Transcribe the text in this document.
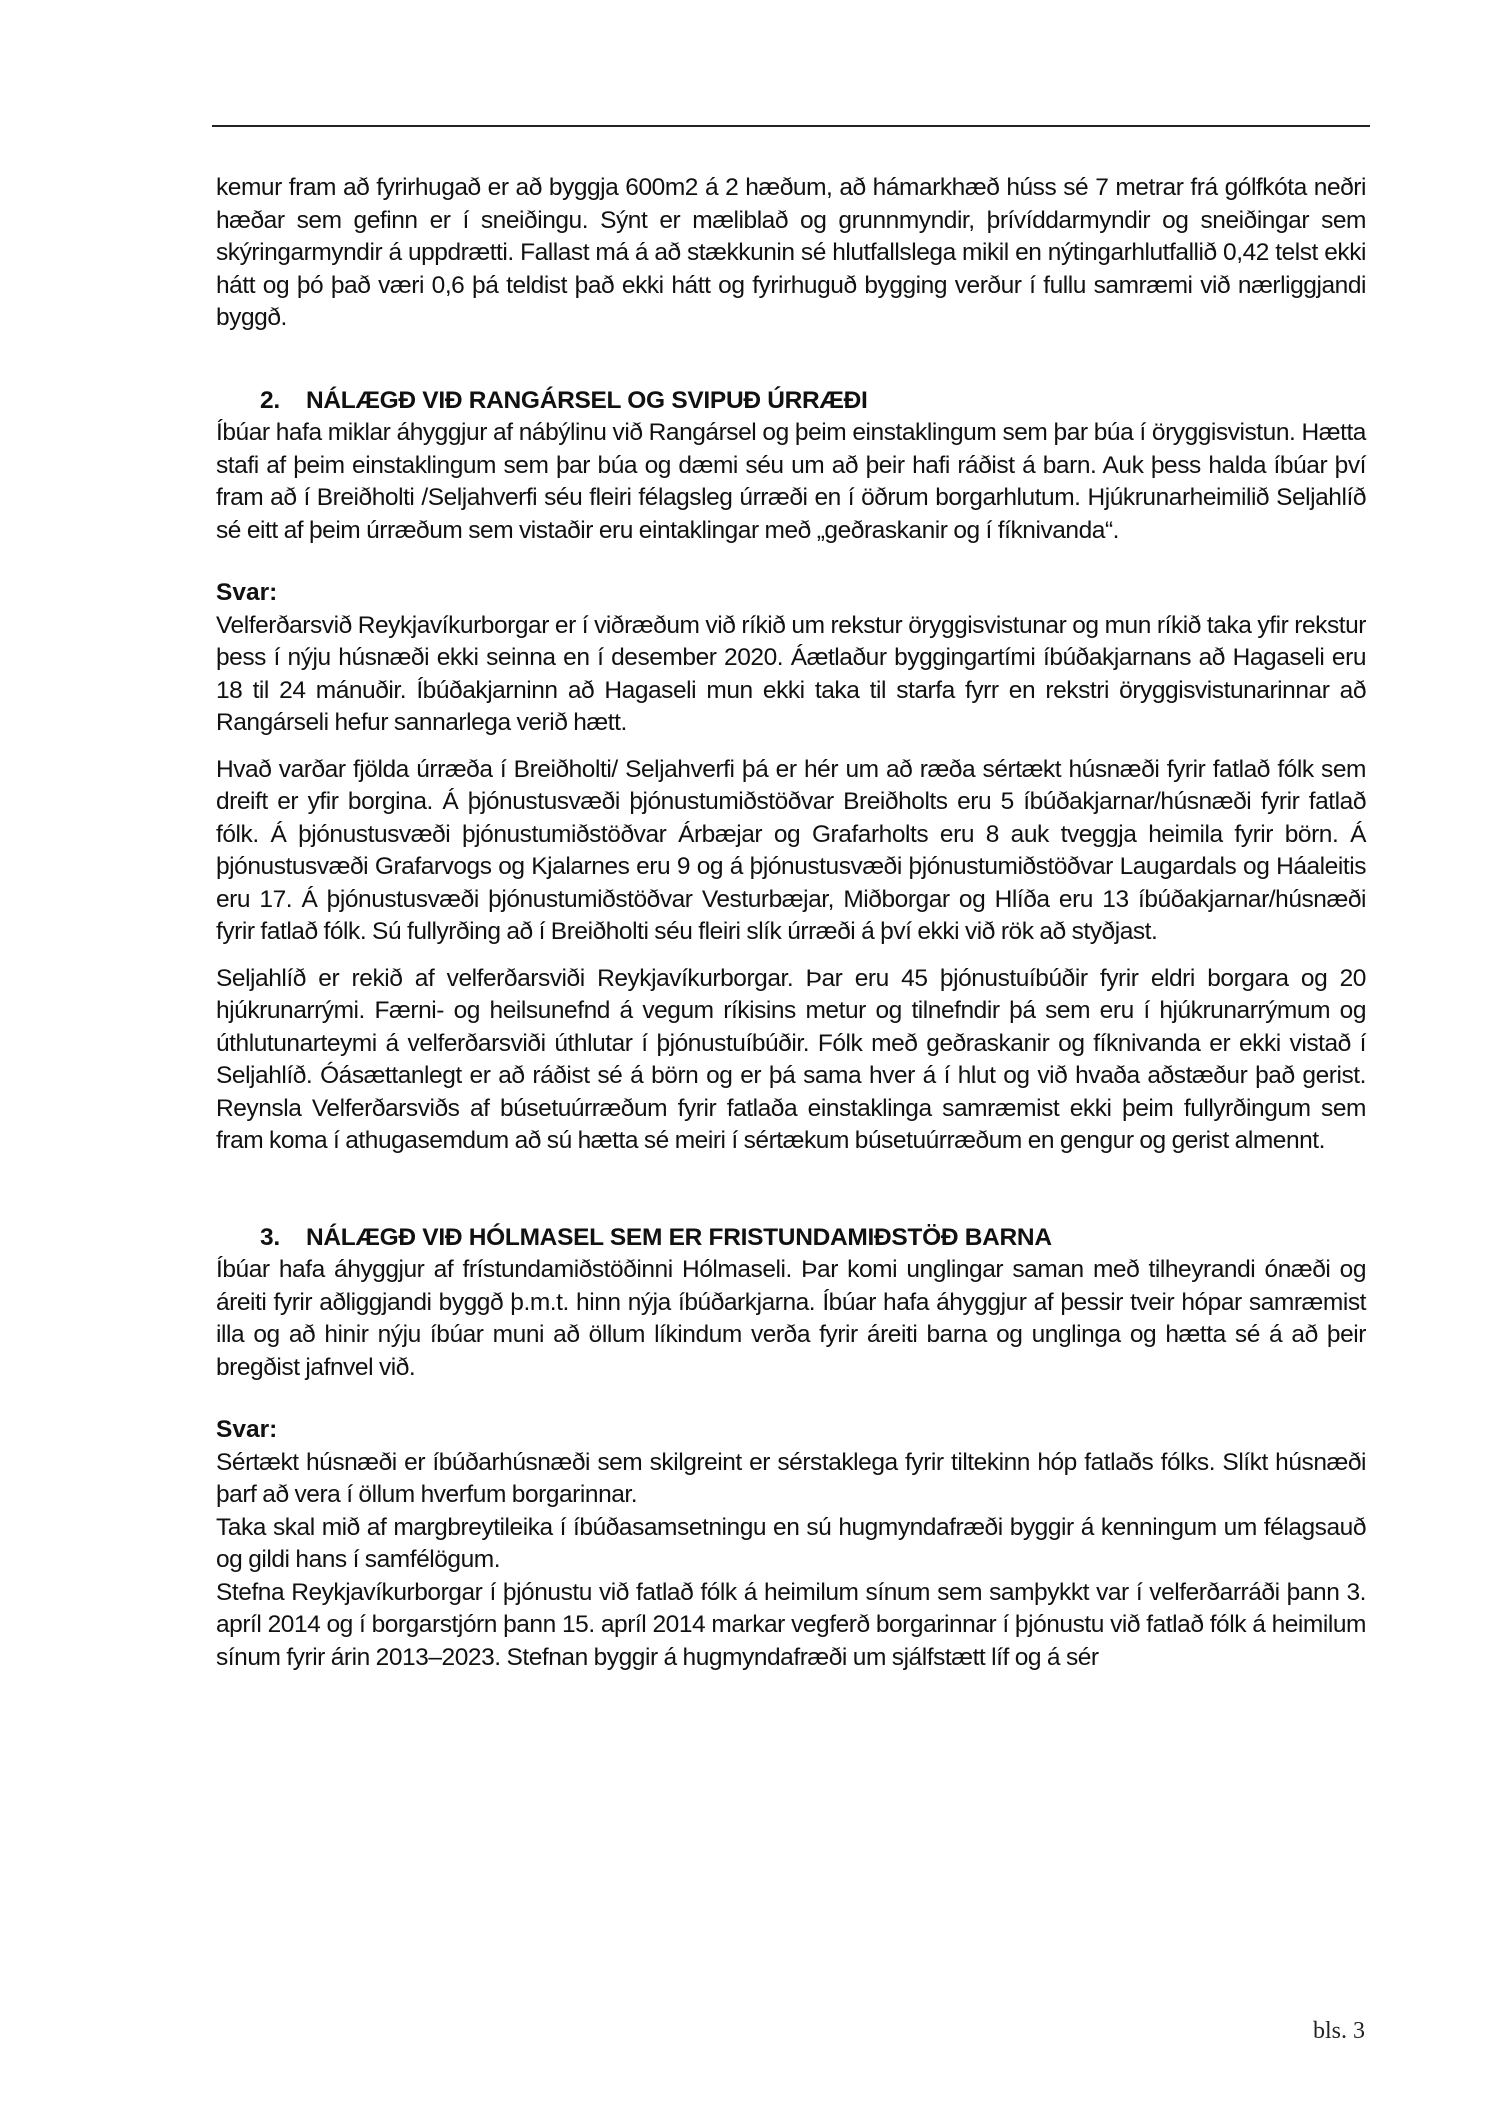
kemur fram að fyrirhugað er að byggja 600m2 á 2 hæðum, að hámarkhæð húss sé 7 metrar frá gólfkóta neðri hæðar sem gefinn er í sneiðingu. Sýnt er mæliblað og grunnmyndir, þrívíddarmyndir og sneiðingar sem skýringarmyndir á uppdrætti. Fallast má á að stækkunin sé hlutfallslega mikil en nýtingarhlutfallið 0,42 telst ekki hátt og þó það væri 0,6 þá teldist það ekki hátt og fyrirhuguð bygging verður í fullu samræmi við nærliggjandi byggð.

2. NÁLÆGÐ VIÐ RANGÁRSEL OG SVIPUÐ ÚRRÆÐI

Íbúar hafa miklar áhyggjur af nábýlinu við Rangársel og þeim einstaklingum sem þar búa í öryggisvistun. Hætta stafi af þeim einstaklingum sem þar búa og dæmi séu um að þeir hafi ráðist á barn. Auk þess halda íbúar því fram að í Breiðholti /Seljahverfi séu fleiri félagsleg úrræði en í öðrum borgarhlutum. Hjúkrunarheimilið Seljahlíð sé eitt af þeim úrræðum sem vistaðir eru eintaklingar með „geðraskanir og í fíknivanda“.

Svar:

Velferðarsvið Reykjavíkurborgar er í viðræðum við ríkið um rekstur öryggisvistunar og mun ríkið taka yfir rekstur þess í nýju húsnæði ekki seinna en í desember 2020. Áætlaður byggingartími íbúðakjarnans að Hagaseli eru 18 til 24 mánuðir. Íbúðakjarninn að Hagaseli mun ekki taka til starfa fyrr en rekstri öryggisvistunarinnar að Rangárseli hefur sannarlega verið hætt.

Hvað varðar fjölda úrræða í Breiðholti/ Seljahverfi þá er hér um að ræða sértækt húsnæði fyrir fatlað fólk sem dreift er yfir borgina. Á þjónustusvæði þjónustumiðstöðvar Breiðholts eru 5 íbúðakjarnar/húsnæði fyrir fatlað fólk. Á þjónustusvæði þjónustumiðstöðvar Árbæjar og Grafarholts eru 8 auk tveggja heimila fyrir börn. Á þjónustusvæði Grafarvogs og Kjalarnes eru 9 og á þjónustusvæði þjónustumiðstöðvar Laugardals og Háaleitis eru 17. Á þjónustusvæði þjónustumiðstöðvar Vesturbæjar, Miðborgar og Hlíða eru 13 íbúðakjarnar/húsnæði fyrir fatlað fólk. Sú fullyrðing að í Breiðholti séu fleiri slík úrræði á því ekki við rök að styðjast.

Seljahlíð er rekið af velferðarsviði Reykjavíkurborgar. Þar eru 45 þjónustuíbúðir fyrir eldri borgara og 20 hjúkrunarrými. Færni- og heilsunefnd á vegum ríkisins metur og tilnefndir þá sem eru í hjúkrunarrýmum og úthlutunarteymi á velferðarsviði úthlutar í þjónustuíbúðir. Fólk með geðraskanir og fíknivanda er ekki vistað í Seljahlíð. Óásættanlegt er að ráðist sé á börn og er þá sama hver á í hlut og við hvaða aðstæður það gerist. Reynsla Velferðarsviðs af búsetuúrræðum fyrir fatlaða einstaklinga samræmist ekki þeim fullyrðingum sem fram koma í athugasemdum að sú hætta sé meiri í sértækum búsetuúrræðum en gengur og gerist almennt.

3. NÁLÆGÐ VIÐ HÓLMASEL SEM ER FRISTUNDAMIÐSTÖÐ BARNA

Íbúar hafa áhyggjur af frístundamiðstöðinni Hólmaseli. Þar komi unglingar saman með tilheyrandi ónæði og áreiti fyrir aðliggjandi byggð þ.m.t. hinn nýja íbúðarkjarna. Íbúar hafa áhyggjur af þessir tveir hópar samræmist illa og að hinir nýju íbúar muni að öllum líkindum verða fyrir áreiti barna og unglinga og hætta sé á að þeir bregðist jafnvel við.

Svar:

Sértækt húsnæði er íbúðarhúsnæði sem skilgreint er sérstaklega fyrir tiltekinn hóp fatlaðs fólks. Slíkt húsnæði þarf að vera í öllum hverfum borgarinnar.

Taka skal mið af margbreytileika í íbúðasamsetningu en sú hugmyndafræði byggir á kenningum um félagsauð og gildi hans í samfélögum.

Stefna Reykjavíkurborgar í þjónustu við fatlað fólk á heimilum sínum sem samþykkt var í velferðarráði þann 3. apríl 2014 og í borgarstjórn þann 15. apríl 2014 markar vegferð borgarinnar í þjónustu við fatlað fólk á heimilum sínum fyrir árin 2013–2023. Stefnan byggir á hugmyndafræði um sjálfstætt líf og á sér

bls. 3
